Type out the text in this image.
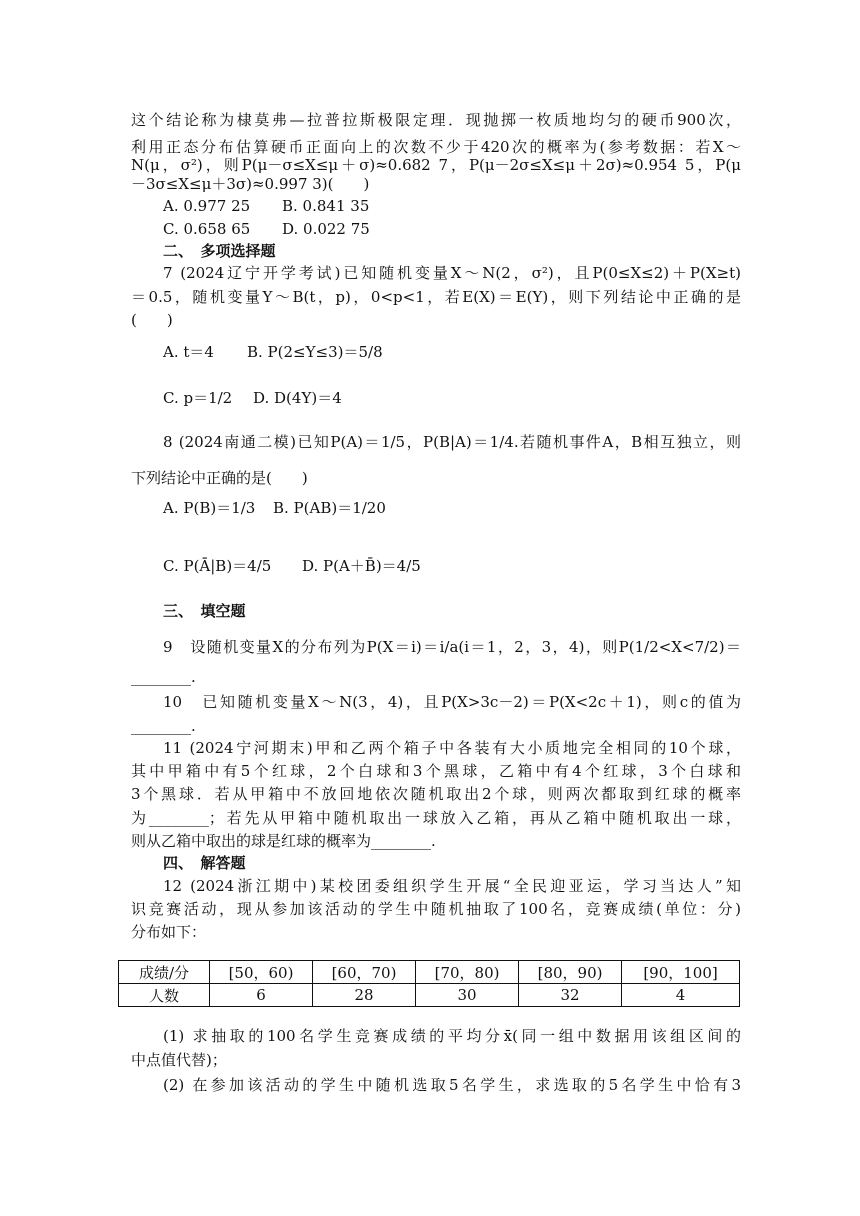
这个结论称为棣莫弗—拉普拉斯极限定理．现抛掷一枚质地均匀的硬币900次，
利用正态分布估算硬币正面向上的次数不少于420次的概率为(参考数据：若X～
N(μ，σ²)，则P(μ－σ≤X≤μ＋σ)≈0.682 7，P(μ－2σ≤X≤μ＋2σ)≈0.954 5，P(μ
－3σ≤X≤μ＋3σ)≈0.997 3)(　　)
A. 0.977 25 B. 0.841 35
C. 0.658 65 D. 0.022 75
二、　多项选择题
7 (2024辽宁开学考试)已知随机变量X～N(2，σ²)，且P(0≤X≤2)＋P(X≥t)
＝0.5，随机变量Y～B(t，p)，0<p<1，若E(X)＝E(Y)，则下列结论中正确的是
(　　)
A. t＝4 B. P(2≤Y≤3)＝5/8
C. p＝1/2 D. D(4Y)＝4
8 (2024南通二模)已知P(A)＝1/5，P(B|A)＝1/4.若随机事件A，B相互独立，则
下列结论中正确的是(　　)
A. P(B)＝1/3 B. P(AB)＝1/20
C. P(Ā|B)＝4/5 D. P(A＋B̄)＝4/5
三、　填空题
9　设随机变量X的分布列为P(X＝i)＝i/a(i＝1，2，3，4)，则P(1/2<X<7/2)＝
________.
10　已知随机变量X～N(3，4)，且P(X>3c－2)＝P(X<2c＋1)，则c的值为
________.
11 (2024宁河期末)甲和乙两个箱子中各装有大小质地完全相同的10个球，
其中甲箱中有5个红球，2个白球和3个黑球，乙箱中有4个红球，3个白球和
3个黑球．若从甲箱中不放回地依次随机取出2个球，则两次都取到红球的概率
为________；若先从甲箱中随机取出一球放入乙箱，再从乙箱中随机取出一球，
则从乙箱中取出的球是红球的概率为________.
四、　解答题
12 (2024浙江期中)某校团委组织学生开展“全民迎亚运，学习当达人”知
识竞赛活动，现从参加该活动的学生中随机抽取了100名，竞赛成绩(单位：分)
分布如下：
成绩/分	[50，60)	[60，70)	[70，80)	[80，90)	[90，100]
人数	6	28	30	32	4
(1) 求抽取的100名学生竞赛成绩的平均分x̄(同一组中数据用该组区间的
中点值代替)；
(2) 在参加该活动的学生中随机选取5名学生，求选取的5名学生中恰有3
